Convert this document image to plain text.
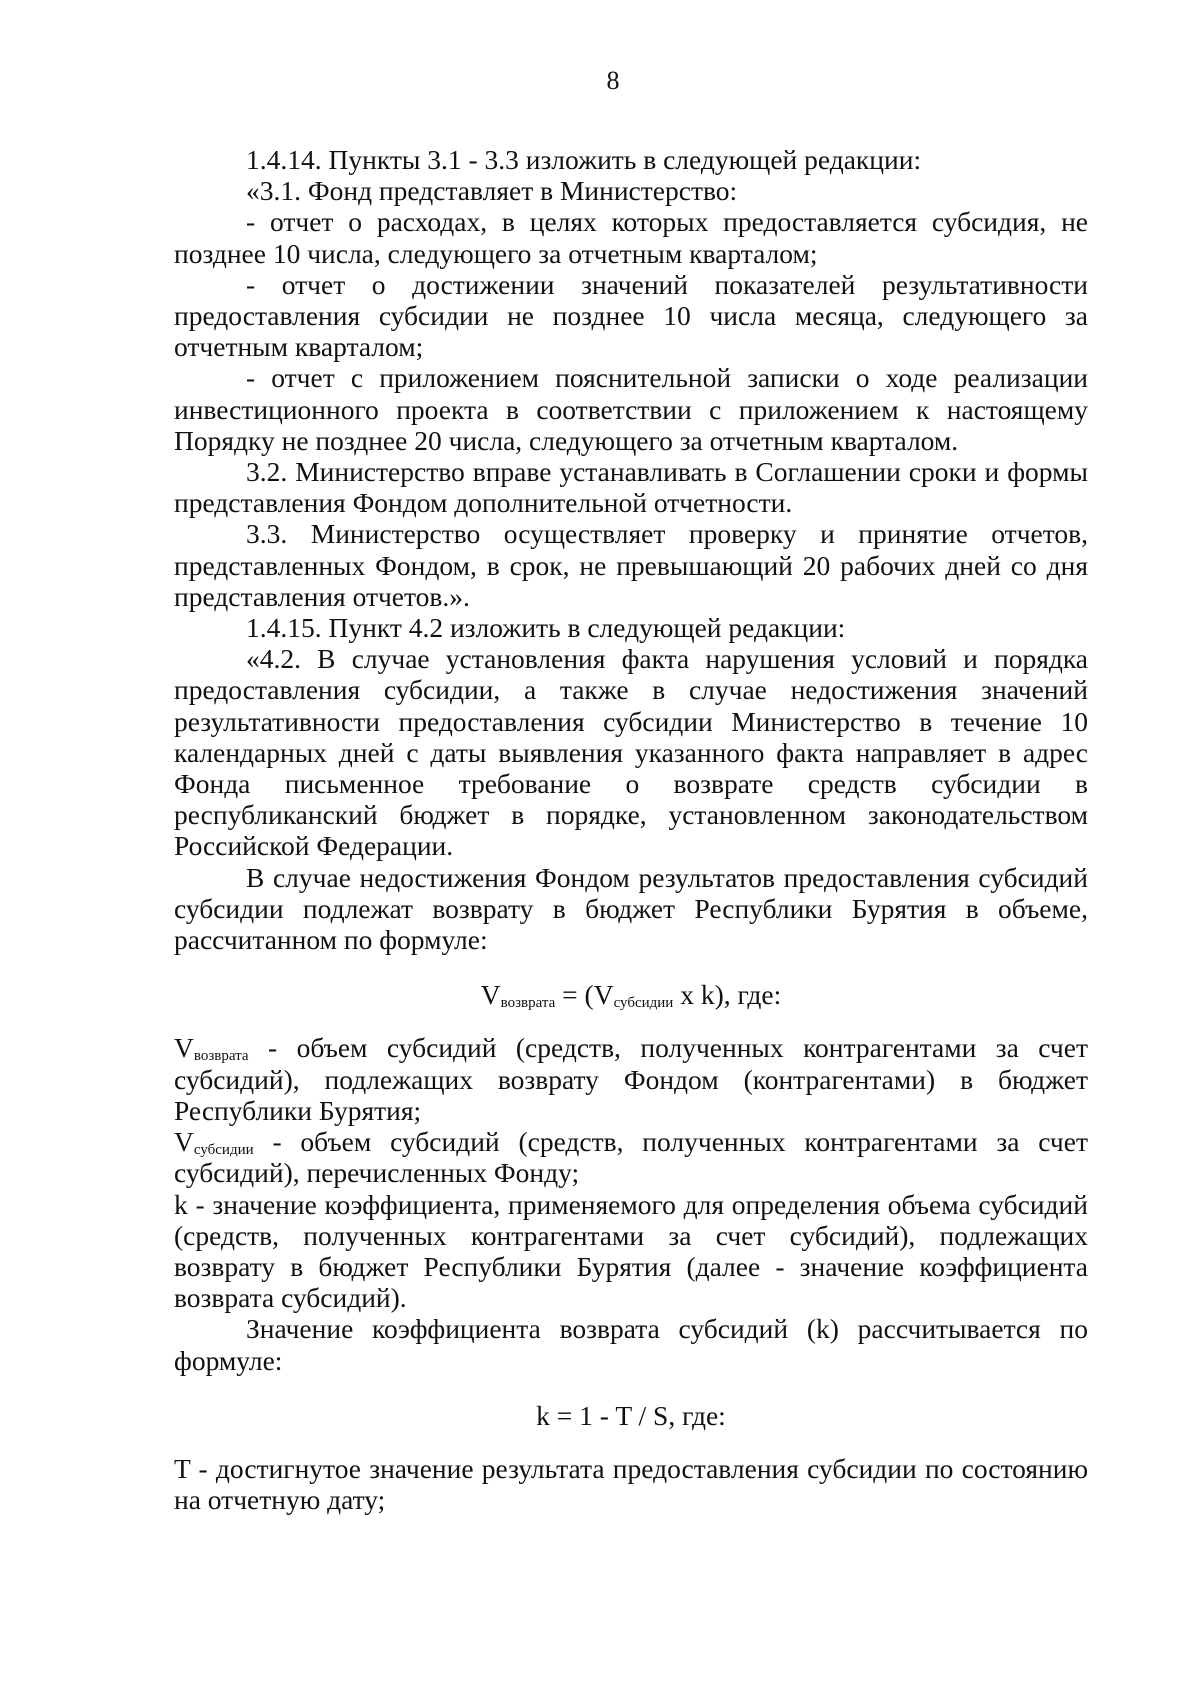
8

1.4.14. Пункты 3.1 - 3.3 изложить в следующей редакции:

«3.1. Фонд представляет в Министерство:

- отчет о расходах, в целях которых предоставляется субсидия, не позднее 10 числа, следующего за отчетным кварталом;

- отчет о достижении значений показателей результативности предоставления субсидии не позднее 10 числа месяца, следующего за отчетным кварталом;

- отчет с приложением пояснительной записки о ходе реализации инвестиционного проекта в соответствии с приложением к настоящему Порядку не позднее 20 числа, следующего за отчетным кварталом.

3.2. Министерство вправе устанавливать в Соглашении сроки и формы представления Фондом дополнительной отчетности.

3.3. Министерство осуществляет проверку и принятие отчетов, представленных Фондом, в срок, не превышающий 20 рабочих дней со дня представления отчетов.».

1.4.15. Пункт 4.2 изложить в следующей редакции:

«4.2. В случае установления факта нарушения условий и порядка предоставления субсидии, а также в случае недостижения значений результативности предоставления субсидии Министерство в течение 10 календарных дней с даты выявления указанного факта направляет в адрес Фонда письменное требование о возврате средств субсидии в республиканский бюджет в порядке, установленном законодательством Российской Федерации.

В случае недостижения Фондом результатов предоставления субсидий субсидии подлежат возврату в бюджет Республики Бурятия в объеме, рассчитанном по формуле:

$V_{возврата} = (V_{субсидии}$ x k), где:

$V_{возврата}$ - объем субсидий (средств, полученных контрагентами за счет субсидий), подлежащих возврату Фондом (контрагентами) в бюджет Республики Бурятия;

$V_{субсидии}$ - объем субсидий (средств, полученных контрагентами за счет субсидий), перечисленных Фонду;

k - значение коэффициента, применяемого для определения объема субсидий (средств, полученных контрагентами за счет субсидий), подлежащих возврату в бюджет Республики Бурятия (далее - значение коэффициента возврата субсидий).

Значение коэффициента возврата субсидий (k) рассчитывается по формуле:

k = 1 - T / S, где:

T - достигнутое значение результата предоставления субсидии по состоянию на отчетную дату;
